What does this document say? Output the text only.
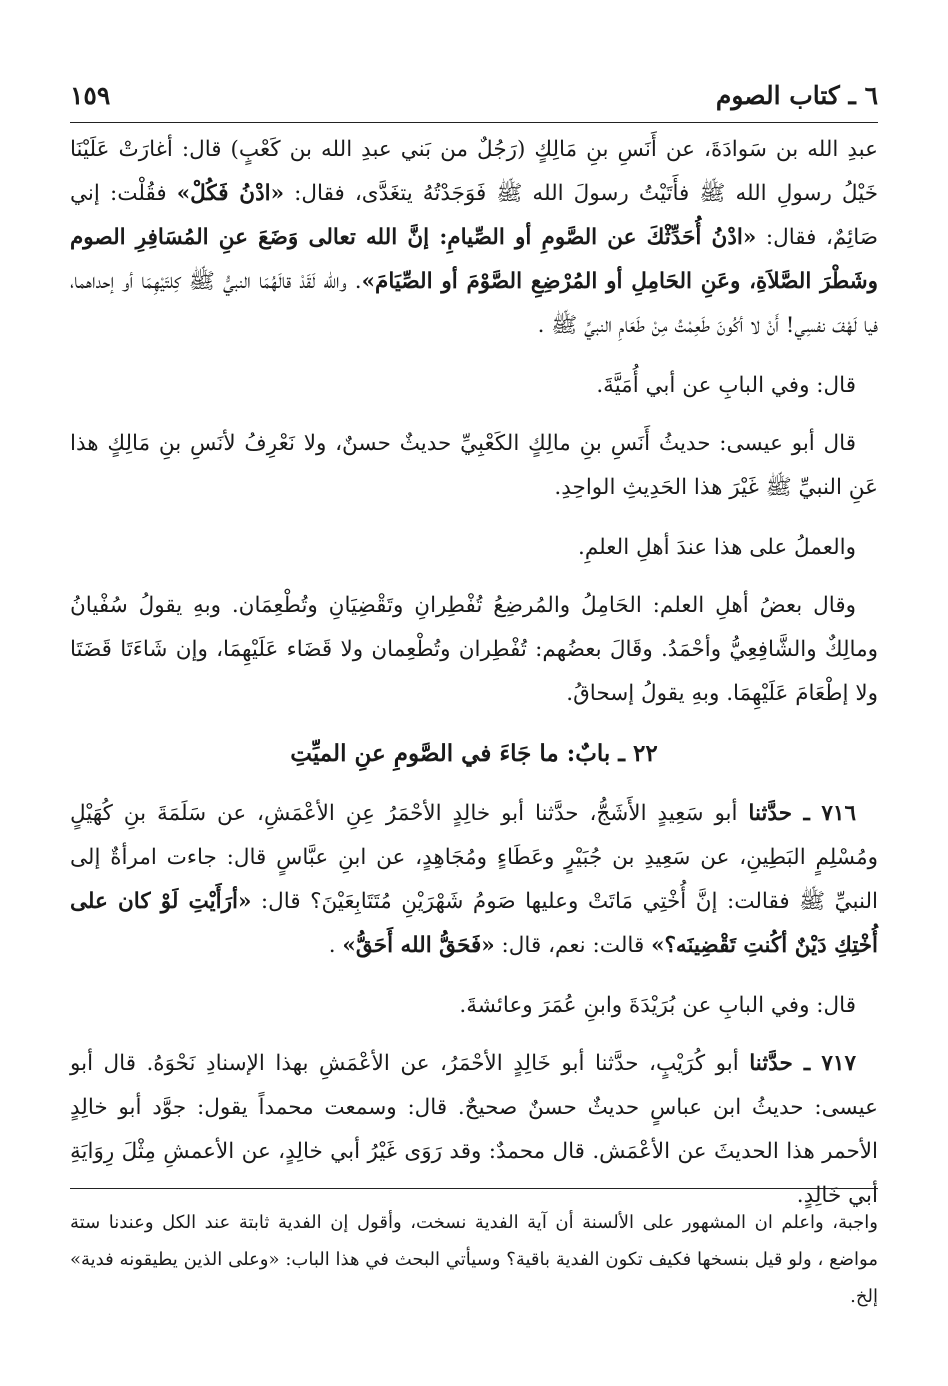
٦ ـ كتاب الصوم
١٥٩

عبدِ الله بن سَوادَةَ، عن أَنَسِ بنِ مَالِكٍ (رَجُلٌ من بَني عبدِ الله بن كَعْبٍ) قال: أغارَتْ عَلَيْنَا خَيْلُ رسولِ الله ﷺ فأَتَيْتُ رسولَ الله ﷺ فَوَجَدْتُهُ يتغَدَّى، فقال: «ادْنُ فَكُلْ» فقُلْت: إني صَائِمٌ، فقال: «ادْنُ أُحَدِّثْكَ عن الصَّومِ أو الصِّيامِ: إنَّ الله تعالى وَضَعَ عنِ المُسَافِرِ الصوم وشَطْرَ الصَّلاَةِ، وعَنِ الحَامِلِ أو المُرْضِعِ الصَّوْمَ أو الصِّيَامَ». والله لَقَدْ قالَهُمَا النبيُّ ﷺ كِلتَيْهِمَا أو إحداهما، فيا لَهْفَ نفسِي! أَنْ لا أكُونَ طَعِمْتُ مِنْ طَعَامِ النبيِّ ﷺ .

قال: وفي البابِ عن أبي أُمَيَّةَ.

قال أبو عيسى: حديثُ أَنَسِ بنِ مالِكٍ الكَعْبِيِّ حديثٌ حسنٌ، ولا نَعْرِفُ لأنَسِ بنِ مَالِكٍ هذا عَنِ النبيِّ ﷺ غَيْرَ هذا الحَدِيثِ الواحِدِ.

والعملُ على هذا عندَ أهلِ العلمِ.

وقال بعضُ أهلِ العلم: الحَامِلُ والمُرضِعُ تُفْطِرانِ وتَقْضِيَانِ وتُطْعِمَان. وبهِ يقولُ سُفْيانُ ومالِكٌ والشَّافِعِيُّ وأحْمَدُ. وقَالَ بعضُهم: تُفْطِران وتُطْعِمان ولا قَضَاء عَلَيْهِمَا، وإن شَاءَتَا قَضَتَا ولا إطْعَامَ عَلَيْهِمَا. وبهِ يقولُ إسحاقُ.

٢٢ ـ بابٌ: ما جَاءَ في الصَّومِ عنِ الميِّتِ

٧١٦ ـ حدَّثنا أبو سَعِيدٍ الأَشَجُّ، حدَّثنا أبو خالِدٍ الأحْمَرُ عِنِ الأعْمَشِ، عن سَلَمَةَ بنِ كُهَيْلٍ ومُسْلِمٍ البَطِينِ، عن سَعِيدِ بن جُبَيْرٍ وعَطَاءٍ ومُجَاهِدٍ، عن ابنِ عبَّاسٍ قال: جاءت امرأةٌ إلى النبيِّ ﷺ فقالت: إنَّ أُخْتِي مَاتَتْ وعليها صَومُ شَهْرَيْنِ مُتَتَابِعَيْنَ؟ قال: «أرَأَيْتِ لَوْ كان على أُخْتِكِ دَيْنٌ أكُنتِ تَقْضِينَه؟» قالت: نعم، قال: «فَحَقُّ الله أَحَقُّ» .

قال: وفي البابِ عن بُرَيْدَةَ وابنِ عُمَرَ وعائشةَ.

٧١٧ ـ حدَّثنا أبو كُرَيْبٍ، حدَّثنا أبو خَالِدٍ الأحْمَرُ، عن الأعْمَشِ بهذا الإسنادِ نَحْوَهُ. قال أبو عيسى: حديثُ ابن عباسٍ حديثٌ حسنٌ صحيحٌ. قال: وسمعت محمداً يقول: جوَّد أبو خالِدٍ الأحمر هذا الحديثَ عن الأعْمَش. قال محمدٌ: وقد رَوَى غَيْرُ أبي خالِدٍ، عن الأعمشِ مِثْلَ رِوَايَةِ أبي خَالِدٍ.

واجبة، واعلم ان المشهور على الألسنة أن آية الفدية نسخت، وأقول إن الفدية ثابتة عند الكل وعندنا ستة مواضع ، ولو قيل بنسخها فكيف تكون الفدية باقية؟ وسيأتي البحث في هذا الباب: «وعلى الذين يطيقونه فدية» إلخ.
